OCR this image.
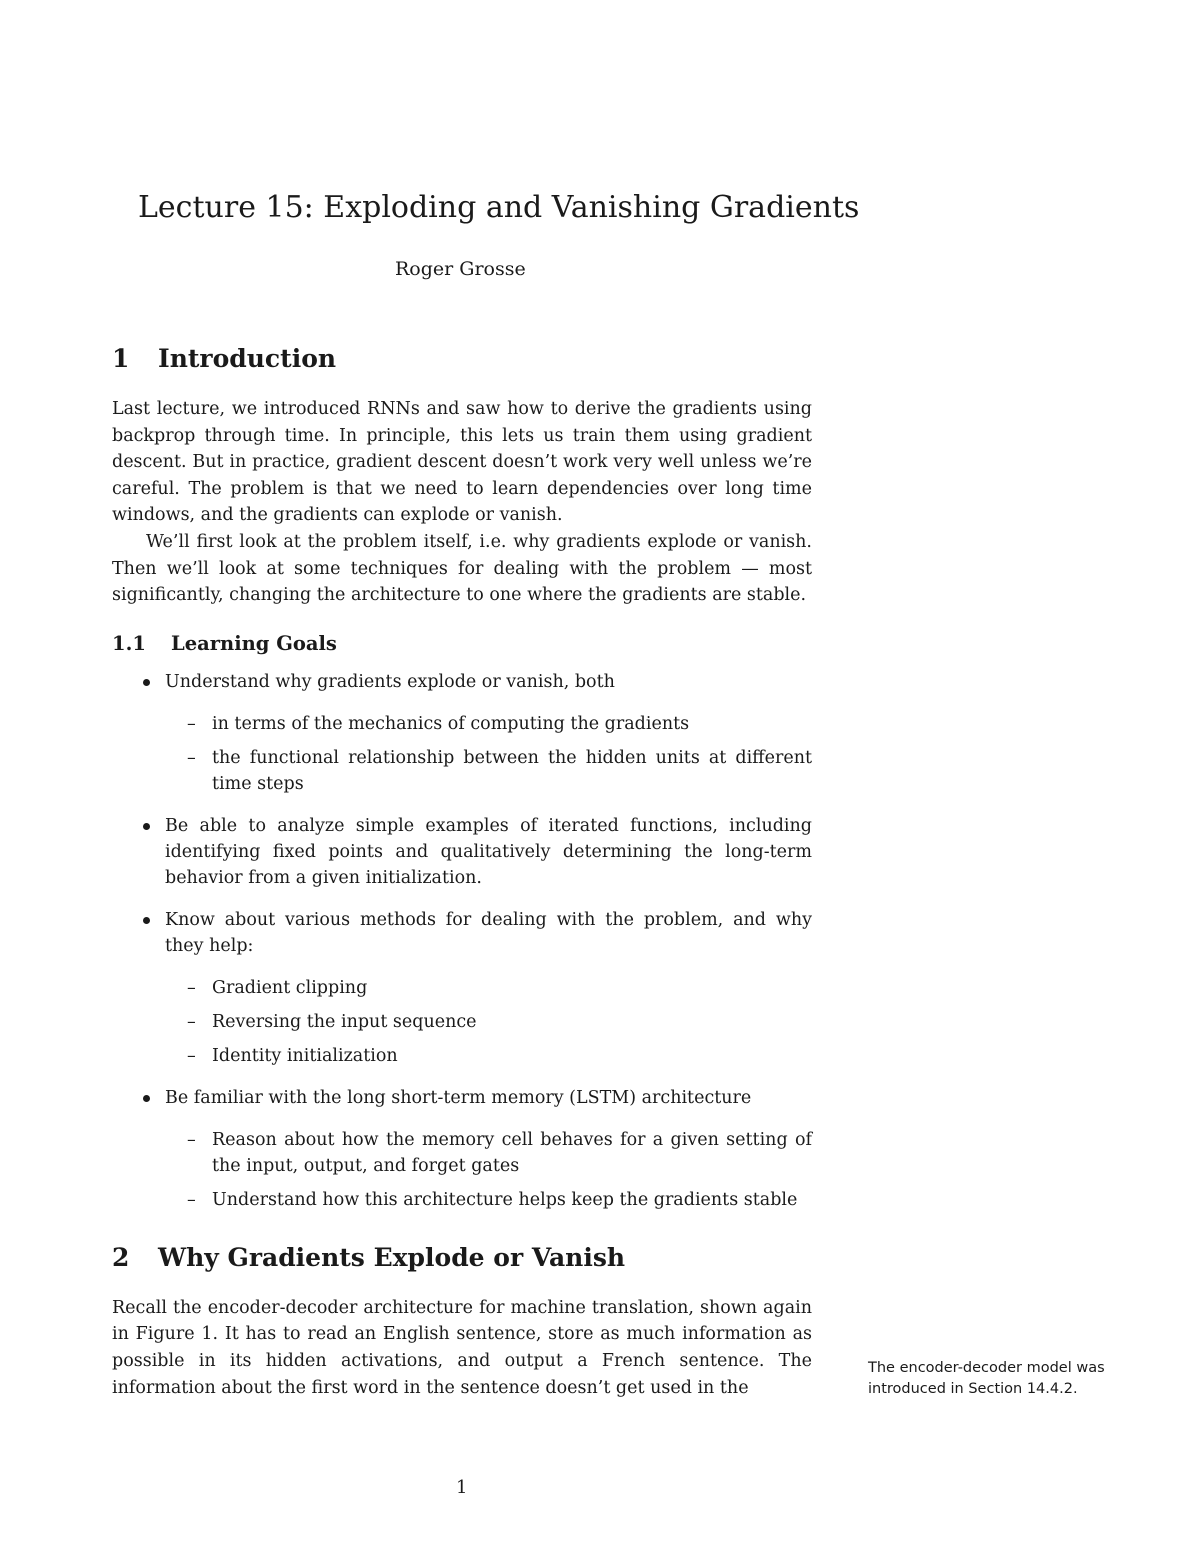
Lecture 15: Exploding and Vanishing Gradients

Roger Grosse

1 Introduction

Last lecture, we introduced RNNs and saw how to derive the gradients using backprop through time. In principle, this lets us train them using gradient descent. But in practice, gradient descent doesn’t work very well unless we’re careful. The problem is that we need to learn dependencies over long time windows, and the gradients can explode or vanish.

We’ll first look at the problem itself, i.e. why gradients explode or vanish. Then we’ll look at some techniques for dealing with the problem — most significantly, changing the architecture to one where the gradients are stable.

1.1 Learning Goals
Understand why gradients explode or vanish, both
– in terms of the mechanics of computing the gradients
– the functional relationship between the hidden units at different time steps
Be able to analyze simple examples of iterated functions, including identifying fixed points and qualitatively determining the long-term behavior from a given initialization.
Know about various methods for dealing with the problem, and why they help:
– Gradient clipping
– Reversing the input sequence
– Identity initialization
Be familiar with the long short-term memory (LSTM) architecture
– Reason about how the memory cell behaves for a given setting of the input, output, and forget gates
– Understand how this architecture helps keep the gradients stable
2 Why Gradients Explode or Vanish

Recall the encoder-decoder architecture for machine translation, shown again in Figure 1. It has to read an English sentence, store as much information as possible in its hidden activations, and output a French sentence. The information about the first word in the sentence doesn’t get used in the

The encoder-decoder model was introduced in Section 14.4.2.
1
